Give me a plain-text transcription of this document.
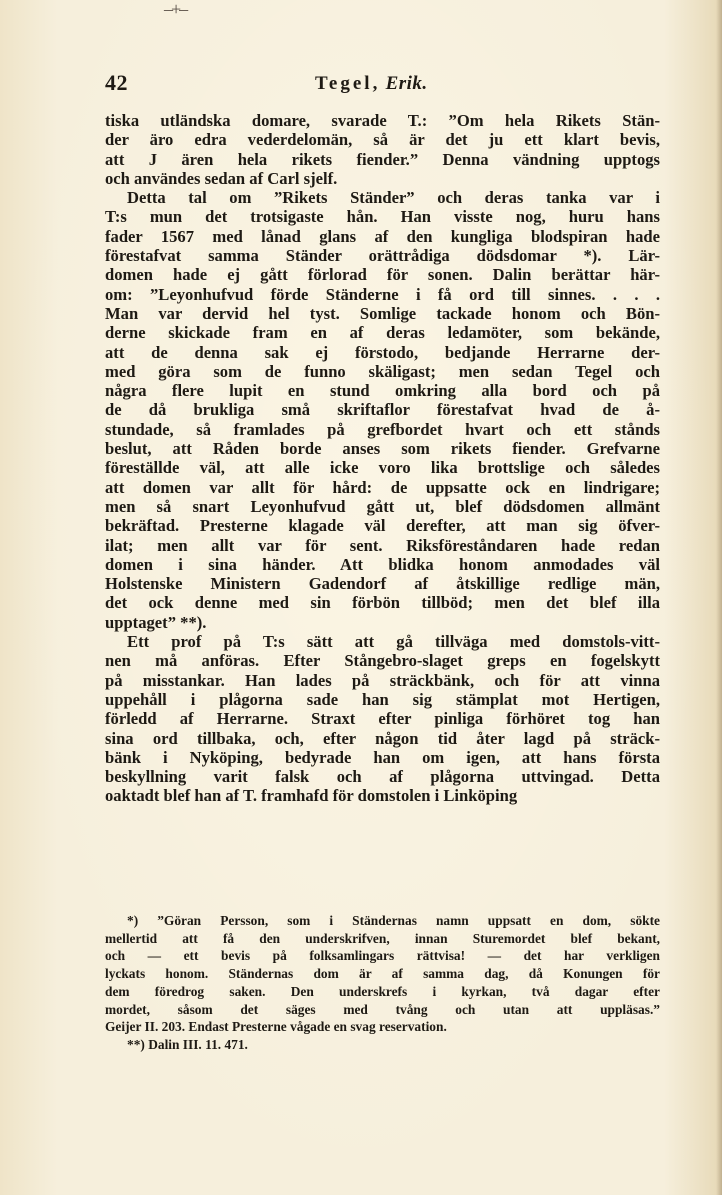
–+–
42	Tegel, Erik.
tiska utländska domare, svarade T.: ”Om hela Rikets Stän-
der äro edra vederdelomän, så är det ju ett klart bevis,
att J ären hela rikets fiender.” Denna vändning upptogs
och användes sedan af Carl sjelf.
Detta tal om ”Rikets Ständer” och deras tanka var i
T:s mun det trotsigaste hån. Han visste nog, huru hans
fader 1567 med lånad glans af den kungliga blodspiran hade
förestafvat samma Ständer orättrådiga dödsdomar *). Lär-
domen hade ej gått förlorad för sonen. Dalin berättar här-
om: ”Leyonhufvud förde Ständerne i få ord till sinnes. . . .
Man var dervid hel tyst. Somlige tackade honom och Bön-
derne skickade fram en af deras ledamöter, som bekände,
att de denna sak ej förstodo, bedjande Herrarne der-
med göra som de funno skäligast; men sedan Tegel och
några flere lupit en stund omkring alla bord och på
de då brukliga små skriftaflor förestafvat hvad de å-
stundade, så framlades på grefbordet hvart och ett stånds
beslut, att Råden borde anses som rikets fiender. Grefvarne
föreställde väl, att alle icke voro lika brottslige och således
att domen var allt för hård: de uppsatte ock en lindrigare;
men så snart Leyonhufvud gått ut, blef dödsdomen allmänt
bekräftad. Presterne klagade väl derefter, att man sig öfver-
ilat; men allt var för sent. Riksföreståndaren hade redan
domen i sina händer. Att blidka honom anmodades väl
Holstenske Ministern Gadendorf af åtskillige redlige män,
det ock denne med sin förbön tillböd; men det blef illa
upptaget” **).
Ett prof på T:s sätt att gå tillväga med domstols-vitt-
nen må anföras. Efter Stångebro-slaget greps en fogelskytt
på misstankar. Han lades på sträckbänk, och för att vinna
uppehåll i plågorna sade han sig stämplat mot Hertigen,
förledd af Herrarne. Straxt efter pinliga förhöret tog han
sina ord tillbaka, och, efter någon tid åter lagd på sträck-
bänk i Nyköping, bedyrade han om igen, att hans första
beskyllning varit falsk och af plågorna uttvingad. Detta
oaktadt blef han af T. framhafd för domstolen i Linköping
*) ”Göran Persson, som i Ständernas namn uppsatt en dom, sökte
mellertid att få den underskrifven, innan Sturemordet blef bekant,
och — ett bevis på folksamlingars rättvisa! — det har verkligen
lyckats honom. Ständernas dom är af samma dag, då Konungen för
dem föredrog saken. Den underskrefs i kyrkan, två dagar efter
mordet, såsom det säges med tvång och utan att uppläsas.”
Geijer II. 203. Endast Presterne vågade en svag reservation.
**) Dalin III. 11. 471.
